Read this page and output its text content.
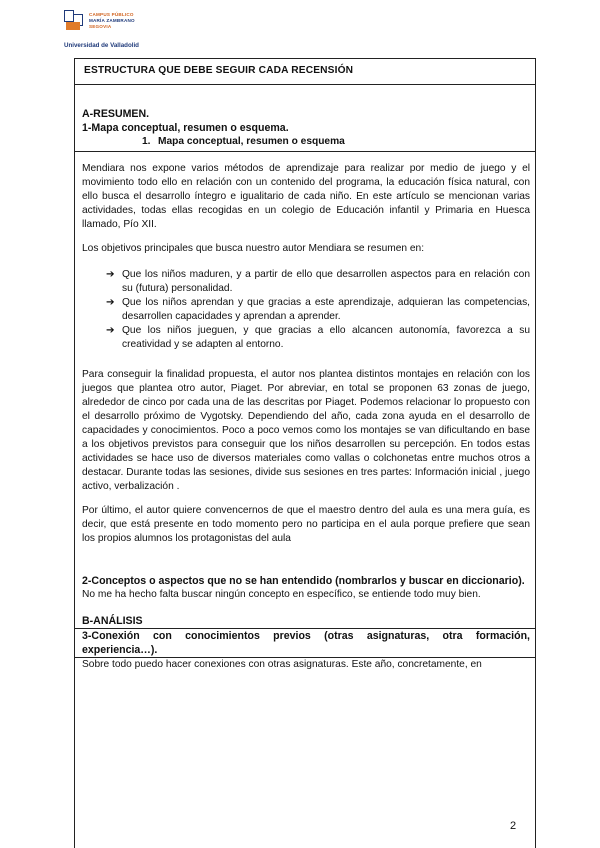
CAMPUS PÚBLICO
MARÍA ZAMBRANO
SEGOVIA
Universidad de Valladolid
ESTRUCTURA QUE DEBE SEGUIR CADA RECENSIÓN
A-RESUMEN.
1-Mapa conceptual, resumen o esquema.
1. Mapa conceptual, resumen o esquema

Mendiara nos expone varios métodos de aprendizaje para realizar por medio de juego y el movimiento todo ello en relación con un contenido del programa, la educación física natural, con ello busca el desarrollo íntegro e igualitario de cada niño. En este artículo se mencionan varias actividades, todas ellas recogidas en un colegio de Educación infantil y Primaria en Huesca llamado, Pío XII.

Los objetivos principales que busca nuestro autor Mendiara se resumen en:

➔ Que los niños maduren, y a partir de ello que desarrollen aspectos para en relación con su (futura) personalidad.
➔ Que los niños aprendan y que gracias a este aprendizaje, adquieran las competencias, desarrollen capacidades y aprendan a aprender.
➔ Que los niños jueguen, y que gracias a ello alcancen autonomía, favorezca a su creatividad y se adapten al entorno.

Para conseguir la finalidad propuesta, el autor nos plantea distintos montajes en relación con los juegos que plantea otro autor, Piaget. Por abreviar, en total se proponen 63 zonas de juego, alrededor de cinco por cada una de las descritas por Piaget. Podemos relacionar lo propuesto con el desarrollo próximo de Vygotsky. Dependiendo del año, cada zona ayuda en el desarrollo de capacidades y conocimientos. Poco a poco vemos como los montajes se van dificultando en base a los objetivos previstos para conseguir que los niños desarrollen su percepción. En todos estas actividades se hace uso de diversos materiales como vallas o colchonetas entre muchos otros a destacar. Durante todas las sesiones, divide sus sesiones en tres partes: Información inicial , juego activo, verbalización .

Por último, el autor quiere convencernos de que el maestro dentro del aula es una mera guía, es decir, que está presente en todo momento pero no participa en el aula porque prefiere que sean los propios alumnos los protagonistas del aula

2-Conceptos o aspectos que no se han entendido (nombrarlos y buscar en diccionario).

No me ha hecho falta buscar ningún concepto en específico, se entiende todo muy bien.

B-ANÁLISIS
3-Conexión con conocimientos previos (otras asignaturas, otra formación, experiencia…).

Sobre todo puedo hacer conexiones con otras asignaturas. Este año, concretamente, en

2
